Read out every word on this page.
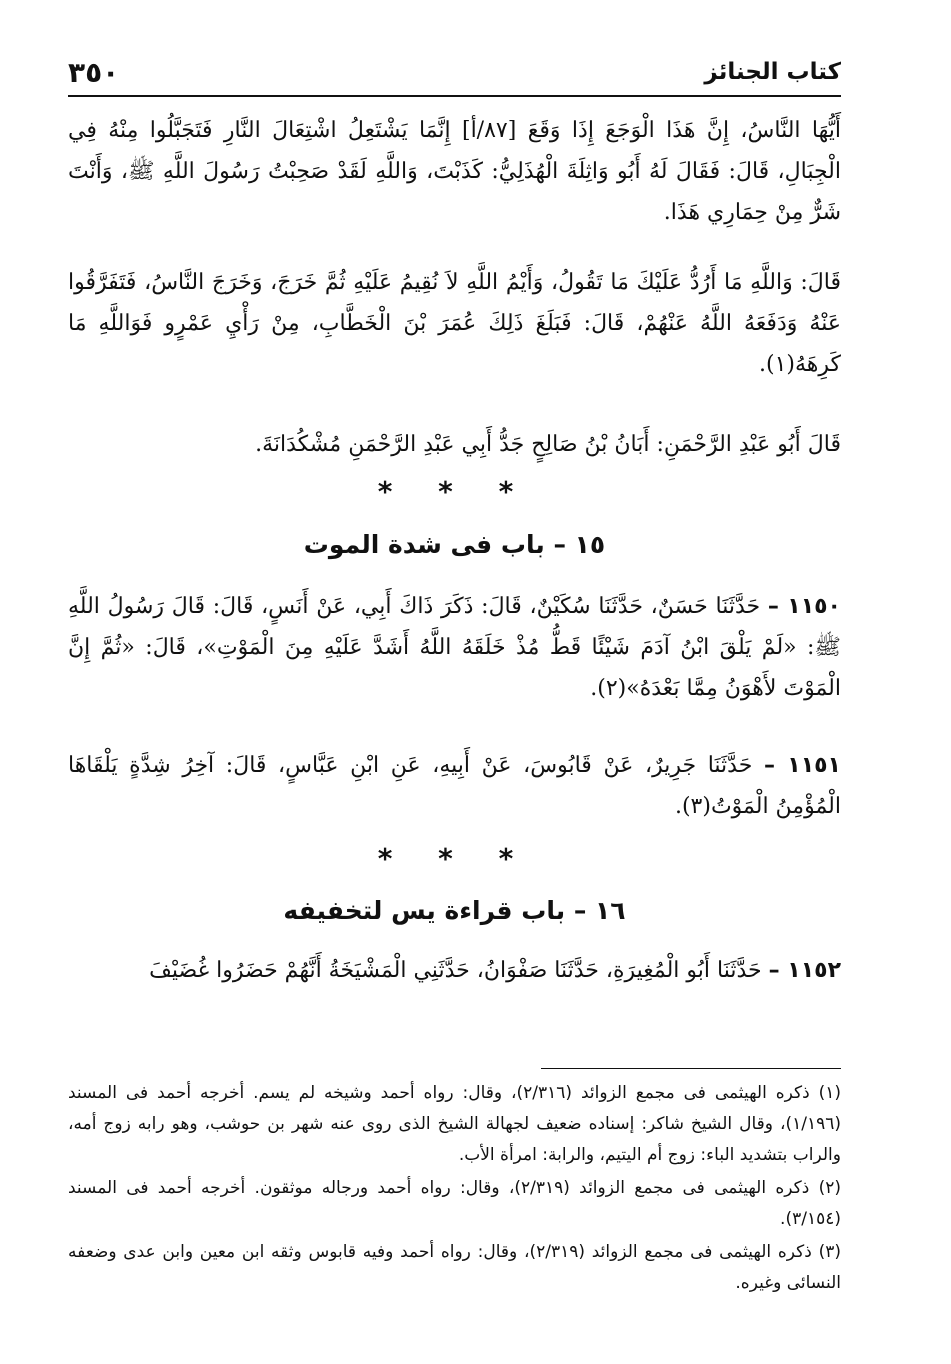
٣٥٠	كتاب الجنائز
أَيُّهَا النَّاسُ، إِنَّ هَذَا الْوَجَعَ إِذَا وَقَعَ [٨٧/أ] إِنَّمَا يَشْتَعِلُ اشْتِعَالَ النَّارِ فَتَجَبَّلُوا مِنْهُ فِي الْجِبَالِ، قَالَ: فَقَالَ لَهُ أَبُو وَاثِلَةَ الْهُذَلِيُّ: كَذَبْتَ، وَاللَّهِ لَقَدْ صَحِبْتُ رَسُولَ اللَّهِ ﷺ، وَأَنْتَ شَرٌّ مِنْ حِمَارِي هَذَا.
قَالَ: وَاللَّهِ مَا أَرُدُّ عَلَيْكَ مَا تَقُولُ، وَأَيْمُ اللَّهِ لاَ نُقِيمُ عَلَيْهِ ثُمَّ خَرَجَ، وَخَرَجَ النَّاسُ، فَتَفَرَّقُوا عَنْهُ وَدَفَعَهُ اللَّهُ عَنْهُمْ، قَالَ: فَبَلَغَ ذَلِكَ عُمَرَ بْنَ الْخَطَّابِ، مِنْ رَأْيِ عَمْرٍو فَوَاللَّهِ مَا كَرِهَهُ(١).
قَالَ أَبُو عَبْدِ الرَّحْمَنِ: أَبَانُ بْنُ صَالِحٍ جَدُّ أَبِي عَبْدِ الرَّحْمَنِ مُشْكُدَانَةَ.
* * *
١٥ – باب فى شدة الموت
١١٥٠ – حَدَّثَنَا حَسَنٌ، حَدَّثَنَا سُكَيْنٌ، قَالَ: ذَكَرَ ذَاكَ أَبِي، عَنْ أَنَسٍ، قَالَ: قَالَ رَسُولُ اللَّهِ ﷺ: «لَمْ يَلْقَ ابْنُ آدَمَ شَيْئًا قَطُّ مُذْ خَلَقَهُ اللَّهُ أَشَدَّ عَلَيْهِ مِنَ الْمَوْتِ»، قَالَ: «ثُمَّ إِنَّ الْمَوْتَ لأَهْوَنُ مِمَّا بَعْدَهُ»(٢).
١١٥١ – حَدَّثَنَا جَرِيرٌ، عَنْ قَابُوسَ، عَنْ أَبِيهِ، عَنِ ابْنِ عَبَّاسٍ، قَالَ: آخِرُ شِدَّةٍ يَلْقَاهَا الْمُؤْمِنُ الْمَوْتُ(٣).
* * *
١٦ – باب قراءة يس لتخفيفه
١١٥٢ – حَدَّثَنَا أَبُو الْمُغِيرَةِ، حَدَّثَنَا صَفْوَانُ، حَدَّثَنِي الْمَشْيَخَةُ أَنَّهُمْ حَضَرُوا غُضَيْفَ

(١) ذكره الهيثمى فى مجمع الزوائد (٢/٣١٦)، وقال: رواه أحمد وشيخه لم يسم. أخرجه أحمد فى المسند (١/١٩٦)، وقال الشيخ شاكر: إسناده ضعيف لجهالة الشيخ الذى روى عنه شهر بن حوشب، وهو رابه زوج أمه، والراب بتشديد الباء: زوج أم اليتيم، والرابة: امرأة الأب.

(٢) ذكره الهيثمى فى مجمع الزوائد (٢/٣١٩)، وقال: رواه أحمد ورجاله موثقون. أخرجه أحمد فى المسند (٣/١٥٤).

(٣) ذكره الهيثمى فى مجمع الزوائد (٢/٣١٩)، وقال: رواه أحمد وفيه قابوس وثقه ابن معين وابن عدى وضعفه النسائى وغيره.
